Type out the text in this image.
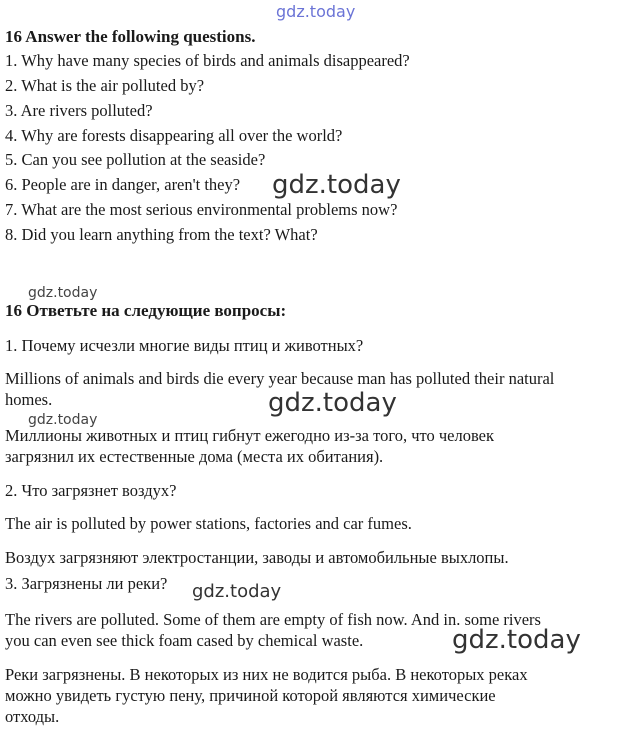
gdz.today
16 Answer the following questions.
1. Why have many species of birds and animals disappeared?
2. What is the air polluted by?
3. Are rivers polluted?
4. Why are forests disappearing all over the world?
5. Can you see pollution at the seaside?
6. People are in danger, aren't they? gdz.today
7. What are the most serious environmental problems now?
8. Did you learn anything from the text? What?
gdz.today
16 Ответьте на следующие вопросы:
1. Почему исчезли многие виды птиц и животных?
Millions of animals and birds die every year because man has polluted their natural
homes.	gdz.today
gdz.today
Миллионы животных и птиц гибнут ежегодно из-за того, что человек
загрязнил их естественные дома (места их обитания).
2. Что загрязнет воздух?
The air is polluted by power stations, factories and car fumes.
Воздух загрязняют электростанции, заводы и автомобильные выхлопы.
3. Загрязнены ли реки? gdz.today
The rivers are polluted. Some of them are empty of fish now. And in. some rivers
you can even see thick foam cased by chemical waste.	gdz.today
Реки загрязнены. В некоторых из них не водится рыба. В некоторых реках
можно увидеть густую пену, причиной которой являются химические
отходы.
